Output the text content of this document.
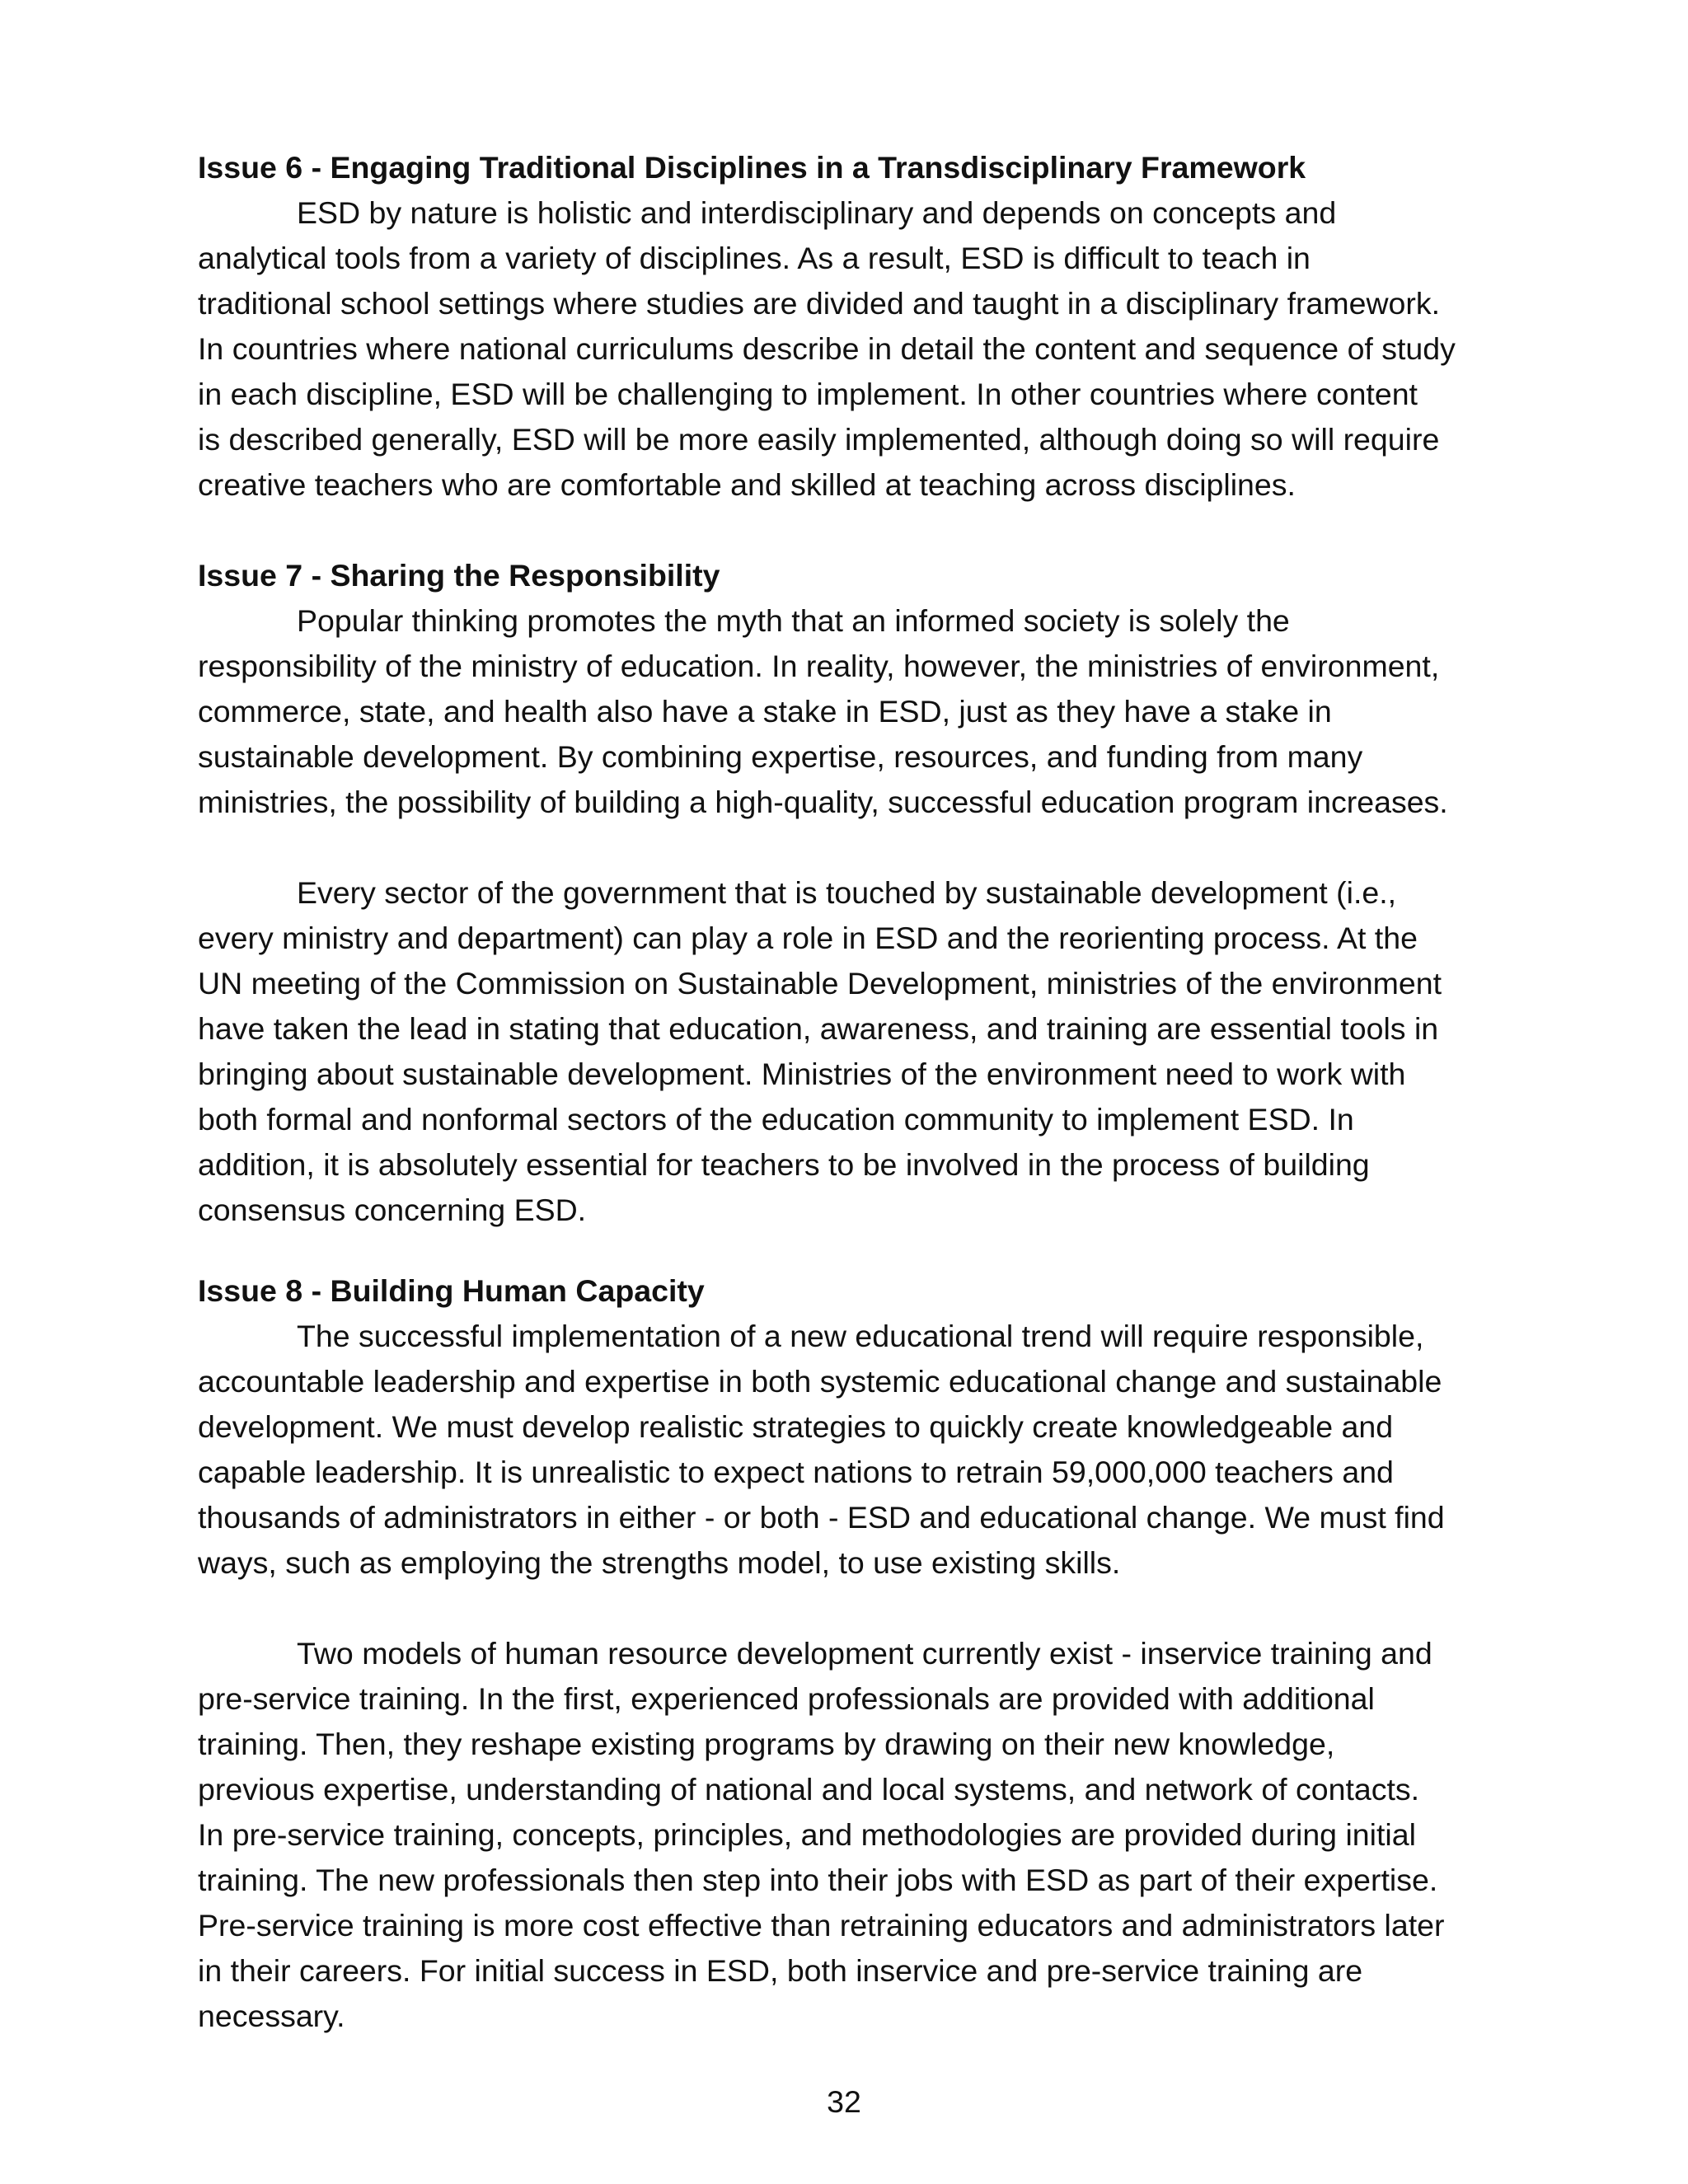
Issue 6 - Engaging Traditional Disciplines in a Transdisciplinary Framework

ESD by nature is holistic and interdisciplinary and depends on concepts and
analytical tools from a variety of disciplines. As a result, ESD is difficult to teach in
traditional school settings where studies are divided and taught in a disciplinary framework.
In countries where national curriculums describe in detail the content and sequence of study
in each discipline, ESD will be challenging to implement. In other countries where content
is described generally, ESD will be more easily implemented, although doing so will require
creative teachers who are comfortable and skilled at teaching across disciplines.

Issue 7 - Sharing the Responsibility

Popular thinking promotes the myth that an informed society is solely the
responsibility of the ministry of education. In reality, however, the ministries of environment,
commerce, state, and health also have a stake in ESD, just as they have a stake in
sustainable development. By combining expertise, resources, and funding from many
ministries, the possibility of building a high-quality, successful education program increases.

Every sector of the government that is touched by sustainable development (i.e.,
every ministry and department) can play a role in ESD and the reorienting process. At the
UN meeting of the Commission on Sustainable Development, ministries of the environment
have taken the lead in stating that education, awareness, and training are essential tools in
bringing about sustainable development. Ministries of the environment need to work with
both formal and nonformal sectors of the education community to implement ESD. In
addition, it is absolutely essential for teachers to be involved in the process of building
consensus concerning ESD.

Issue 8 - Building Human Capacity

The successful implementation of a new educational trend will require responsible,
accountable leadership and expertise in both systemic educational change and sustainable
development. We must develop realistic strategies to quickly create knowledgeable and
capable leadership. It is unrealistic to expect nations to retrain 59,000,000 teachers and
thousands of administrators in either - or both - ESD and educational change. We must find
ways, such as employing the strengths model, to use existing skills.

Two models of human resource development currently exist - inservice training and
pre-service training. In the first, experienced professionals are provided with additional
training. Then, they reshape existing programs by drawing on their new knowledge,
previous expertise, understanding of national and local systems, and network of contacts.
In pre-service training, concepts, principles, and methodologies are provided during initial
training. The new professionals then step into their jobs with ESD as part of their expertise.
Pre-service training is more cost effective than retraining educators and administrators later
in their careers. For initial success in ESD, both inservice and pre-service training are
necessary.

32
